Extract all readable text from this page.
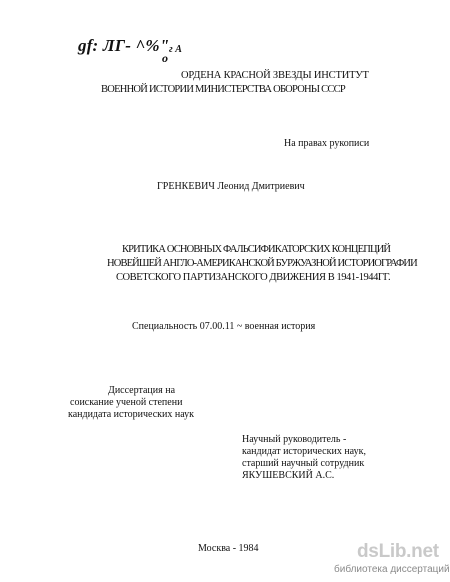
gf: ЛГ- ^%" г А
о
ОРДЕНА КРАСНОЙ ЗВЕЗДЫ ИНСТИТУТ
ВОЕННОЙ ИСТОРИИ МИНИСТЕРСТВА ОБОРОНЫ СССР
На правах рукописи
ГРЕНКЕВИЧ Леонид Дмитриевич
КРИТИКА ОСНОВНЫХ ФАЛЬСИФИКАТОРСКИХ КОНЦЕПЦИЙ
НОВЕЙШЕЙ АНГЛО-АМЕРИКАНСКОЙ БУРЖУАЗНОЙ ИСТОРИОГРАФИИ
СОВЕТСКОГО ПАРТИЗАНСКОГО ДВИЖЕНИЯ В 1941-1944ГГ.
Специальность 07.00.11 ~ военная история
Диссертация на
соискание ученой степени
кандидата исторических наук
Научный руководитель -
кандидат исторических наук,
старший научный сотрудник
ЯКУШЕВСКИЙ А.С.
Москва - 1984	dsLib.net
библиотека диссертаций
